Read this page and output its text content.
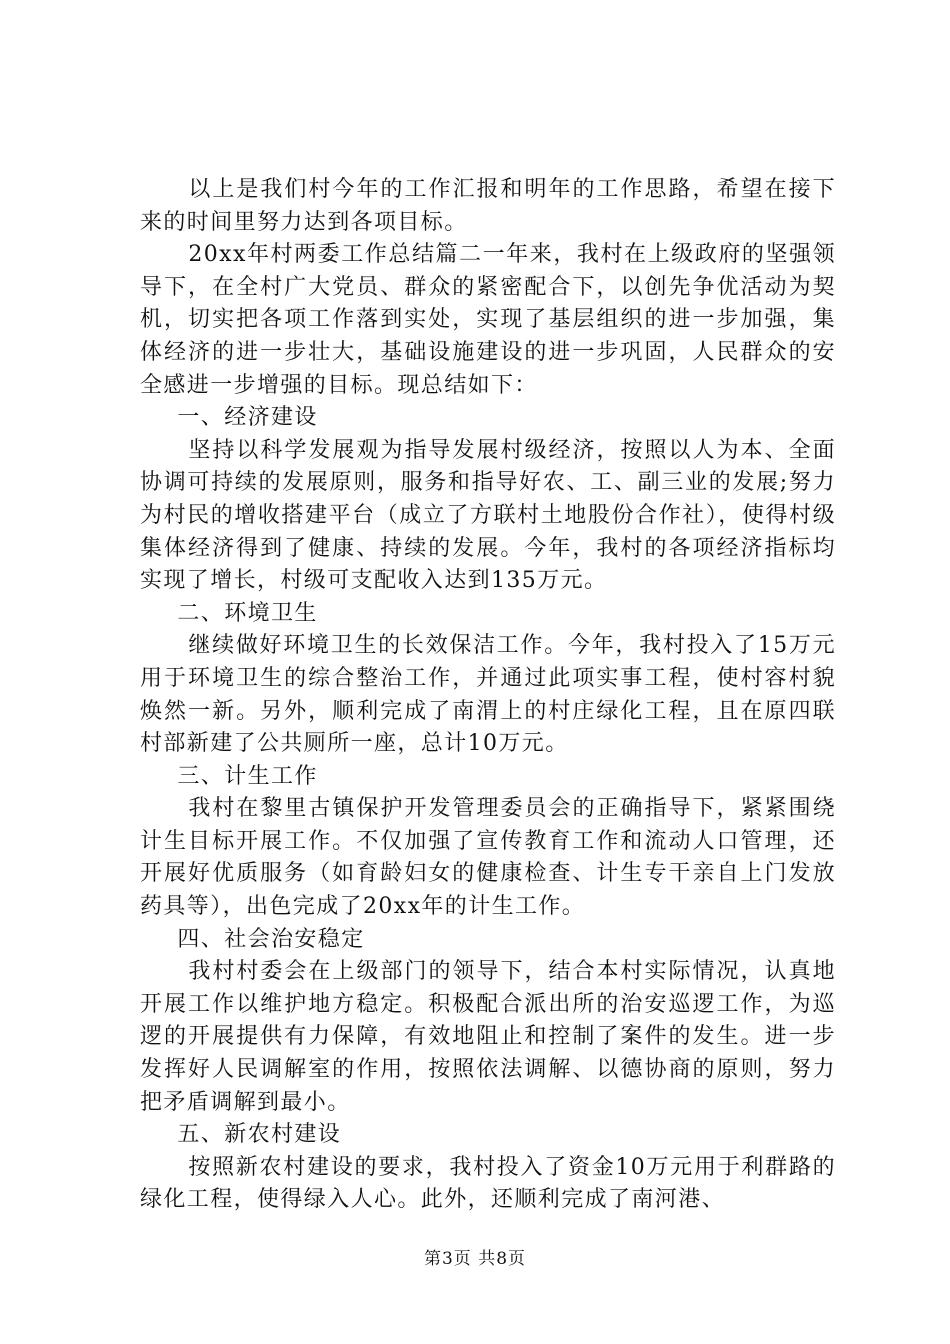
以上是我们村今年的工作汇报和明年的工作思路，希望在接下来的时间里努力达到各项目标。

20xx年村两委工作总结篇二一年来，我村在上级政府的坚强领导下，在全村广大党员、群众的紧密配合下，以创先争优活动为契机，切实把各项工作落到实处，实现了基层组织的进一步加强，集体经济的进一步壮大，基础设施建设的进一步巩固，人民群众的安全感进一步增强的目标。现总结如下：

一、经济建设

坚持以科学发展观为指导发展村级经济，按照以人为本、全面协调可持续的发展原则，服务和指导好农、工、副三业的发展;努力为村民的增收搭建平台（成立了方联村土地股份合作社），使得村级集体经济得到了健康、持续的发展。今年，我村的各项经济指标均实现了增长，村级可支配收入达到135万元。

二、环境卫生

继续做好环境卫生的长效保洁工作。今年，我村投入了15万元用于环境卫生的综合整治工作，并通过此项实事工程，使村容村貌焕然一新。另外，顺利完成了南渭上的村庄绿化工程，且在原四联村部新建了公共厕所一座，总计10万元。

三、计生工作

我村在黎里古镇保护开发管理委员会的正确指导下，紧紧围绕计生目标开展工作。不仅加强了宣传教育工作和流动人口管理，还开展好优质服务（如育龄妇女的健康检查、计生专干亲自上门发放药具等），出色完成了20xx年的计生工作。

四、社会治安稳定

我村村委会在上级部门的领导下，结合本村实际情况，认真地开展工作以维护地方稳定。积极配合派出所的治安巡逻工作，为巡逻的开展提供有力保障，有效地阻止和控制了案件的发生。进一步发挥好人民调解室的作用，按照依法调解、以德协商的原则，努力把矛盾调解到最小。

五、新农村建设

按照新农村建设的要求，我村投入了资金10万元用于利群路的绿化工程，使得绿入人心。此外，还顺利完成了南河港、

第3页 共8页
